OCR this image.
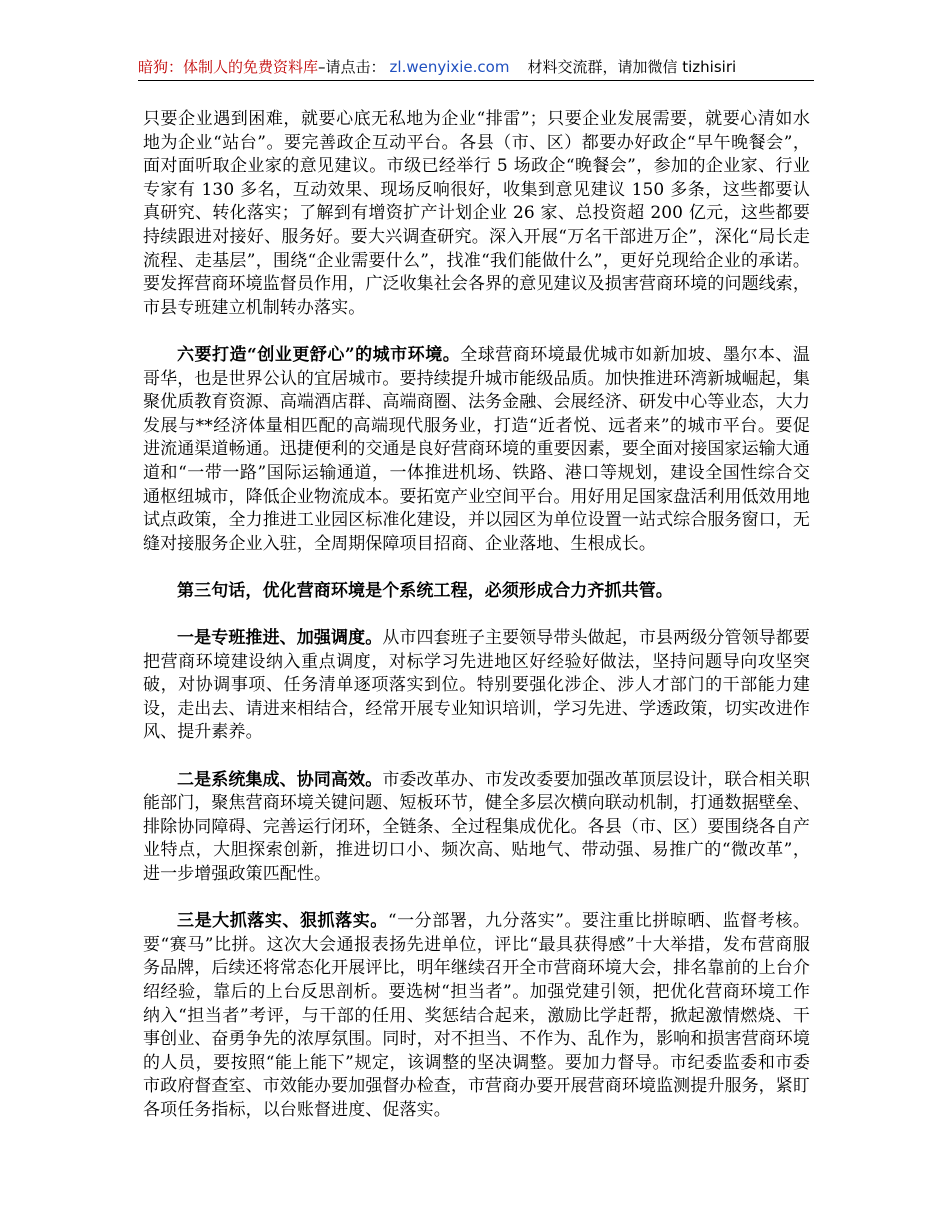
暗狗：体制人的免费资料库–请点击： zl.wenyixie.com 材料交流群，请加微信 tizhisiri

只要企业遇到困难，就要心底无私地为企业“排雷”；只要企业发展需要，就要心清如水地为企业“站台”。要完善政企互动平台。各县（市、区）都要办好政企“早午晚餐会”，面对面听取企业家的意见建议。市级已经举行 5 场政企“晚餐会”，参加的企业家、行业专家有 130 多名，互动效果、现场反响很好，收集到意见建议 150 多条，这些都要认真研究、转化落实；了解到有增资扩产计划企业 26 家、总投资超 200 亿元，这些都要持续跟进对接好、服务好。要大兴调查研究。深入开展“万名干部进万企”，深化“局长走流程、走基层”，围绕“企业需要什么”，找准“我们能做什么”，更好兑现给企业的承诺。要发挥营商环境监督员作用，广泛收集社会各界的意见建议及损害营商环境的问题线索，市县专班建立机制转办落实。

六要打造“创业更舒心”的城市环境。全球营商环境最优城市如新加坡、墨尔本、温哥华，也是世界公认的宜居城市。要持续提升城市能级品质。加快推进环湾新城崛起，集聚优质教育资源、高端酒店群、高端商圈、法务金融、会展经济、研发中心等业态，大力发展与**经济体量相匹配的高端现代服务业，打造“近者悦、远者来”的城市平台。要促进流通渠道畅通。迅捷便利的交通是良好营商环境的重要因素，要全面对接国家运输大通道和“一带一路”国际运输通道，一体推进机场、铁路、港口等规划，建设全国性综合交通枢纽城市，降低企业物流成本。要拓宽产业空间平台。用好用足国家盘活利用低效用地试点政策，全力推进工业园区标准化建设，并以园区为单位设置一站式综合服务窗口，无缝对接服务企业入驻，全周期保障项目招商、企业落地、生根成长。

第三句话，优化营商环境是个系统工程，必须形成合力齐抓共管。

一是专班推进、加强调度。从市四套班子主要领导带头做起，市县两级分管领导都要把营商环境建设纳入重点调度，对标学习先进地区好经验好做法，坚持问题导向攻坚突破，对协调事项、任务清单逐项落实到位。特别要强化涉企、涉人才部门的干部能力建设，走出去、请进来相结合，经常开展专业知识培训，学习先进、学透政策，切实改进作风、提升素养。

二是系统集成、协同高效。市委改革办、市发改委要加强改革顶层设计，联合相关职能部门，聚焦营商环境关键问题、短板环节，健全多层次横向联动机制，打通数据壁垒、排除协同障碍、完善运行闭环，全链条、全过程集成优化。各县（市、区）要围绕各自产业特点，大胆探索创新，推进切口小、频次高、贴地气、带动强、易推广的“微改革”，进一步增强政策匹配性。

三是大抓落实、狠抓落实。“一分部署，九分落实”。要注重比拼晾晒、监督考核。要“赛马”比拼。这次大会通报表扬先进单位，评比“最具获得感”十大举措，发布营商服务品牌，后续还将常态化开展评比，明年继续召开全市营商环境大会，排名靠前的上台介绍经验，靠后的上台反思剖析。要选树“担当者”。加强党建引领，把优化营商环境工作纳入“担当者”考评，与干部的任用、奖惩结合起来，激励比学赶帮，掀起激情燃烧、干事创业、奋勇争先的浓厚氛围。同时，对不担当、不作为、乱作为，影响和损害营商环境的人员，要按照“能上能下”规定，该调整的坚决调整。要加力督导。市纪委监委和市委市政府督查室、市效能办要加强督办检查，市营商办要开展营商环境监测提升服务，紧盯各项任务指标，以台账督进度、促落实。
